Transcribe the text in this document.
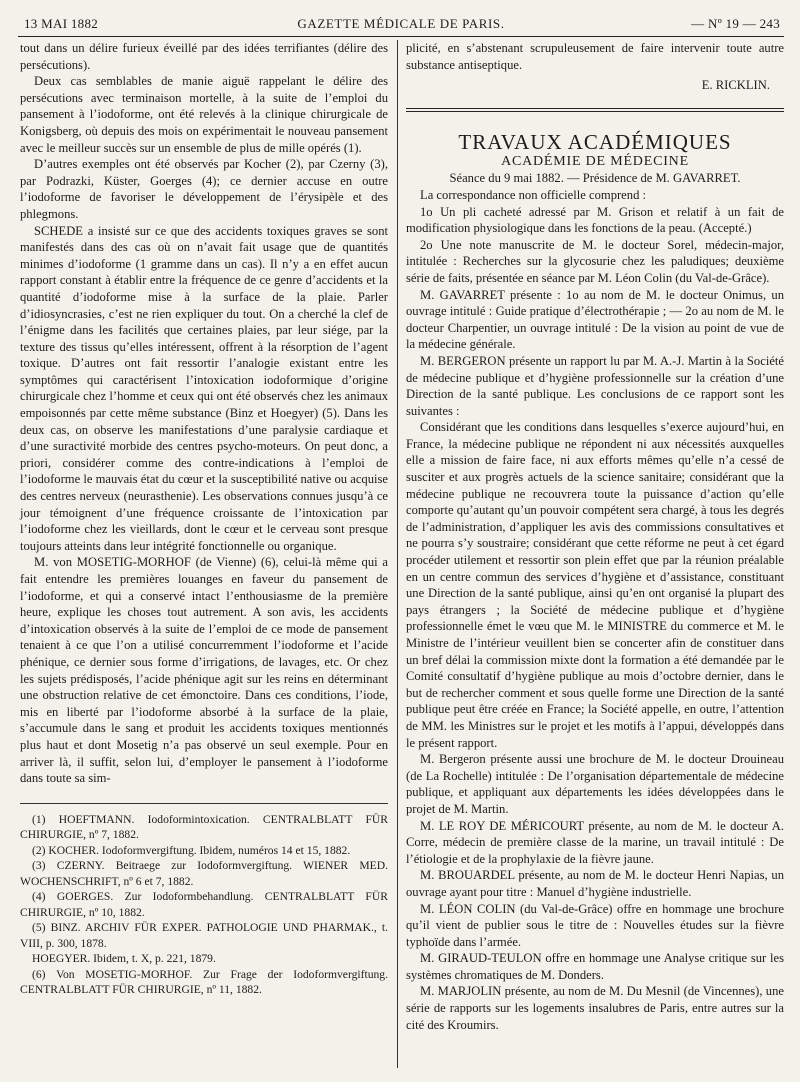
13 MAI 1882	GAZETTE MÉDICALE DE PARIS.	— Nº 19 — 243

tout dans un délire furieux éveillé par des idées terrifiantes (délire des persécutions).

Deux cas semblables de manie aiguë rappelant le délire des persécutions avec terminaison mortelle, à la suite de l’emploi du pansement à l’iodoforme, ont été relevés à la clinique chirurgicale de Konigsberg, où depuis des mois on expérimentait le nouveau pansement avec le meilleur succès sur un ensemble de plus de mille opérés (1).

D’autres exemples ont été observés par Kocher (2), par Czerny (3), par Podrazki, Küster, Goerges (4); ce dernier accuse en outre l’iodoforme de favoriser le développement de l’érysipèle et des phlegmons.

SCHEDE a insisté sur ce que des accidents toxiques graves se sont manifestés dans des cas où on n’avait fait usage que de quantités minimes d’iodoforme (1 gramme dans un cas). Il n’y a en effet aucun rapport constant à établir entre la fréquence de ce genre d’accidents et la quantité d’iodoforme mise à la surface de la plaie. Parler d’idiosyncrasies, c’est ne rien expliquer du tout. On a cherché la clef de l’énigme dans les facilités que certaines plaies, par leur siége, par la texture des tissus qu’elles intéressent, offrent à la résorption de l’agent toxique. D’autres ont fait ressortir l’analogie existant entre les symptômes qui caractérisent l’intoxication iodoformique d’origine chirurgicale chez l’homme et ceux qui ont été observés chez les animaux empoisonnés par cette même substance (Binz et Hoegyer) (5). Dans les deux cas, on observe les manifestations d’une paralysie cardiaque et d’une suractivité morbide des centres psycho-moteurs. On peut donc, a priori, considérer comme des contre-indications à l’emploi de l’iodoforme le mauvais état du cœur et la susceptibilité native ou acquise des centres nerveux (neurasthenie). Les observations connues jusqu’à ce jour témoignent d’une fréquence croissante de l’intoxication par l’iodoforme chez les vieillards, dont le cœur et le cerveau sont presque toujours atteints dans leur intégrité fonctionnelle ou organique.

M. von MOSETIG-MORHOF (de Vienne) (6), celui-là même qui a fait entendre les premières louanges en faveur du pansement de l’iodoforme, et qui a conservé intact l’enthousiasme de la première heure, explique les choses tout autrement. A son avis, les accidents d’intoxication observés à la suite de l’emploi de ce mode de pansement tenaient à ce que l’on a utilisé concurremment l’iodoforme et l’acide phénique, ce dernier sous forme d’irrigations, de lavages, etc. Or chez les sujets prédisposés, l’acide phénique agit sur les reins en déterminant une obstruction relative de cet émonctoire. Dans ces conditions, l’iode, mis en liberté par l’iodoforme absorbé à la surface de la plaie, s’accumule dans le sang et produit les accidents toxiques mentionnés plus haut et dont Mosetig n’a pas observé un seul exemple. Pour en arriver là, il suffit, selon lui, d’employer le pansement à l’iodoforme dans toute sa sim-

(1) HOEFTMANN. Iodoformintoxication. CENTRALBLATT FÜR CHIRURGIE, nº 7, 1882.

(2) KOCHER. Iodoformvergiftung. Ibidem, numéros 14 et 15, 1882.

(3) CZERNY. Beitraege zur Iodoformvergiftung. WIENER MED. WOCHENSCHRIFT, nº 6 et 7, 1882.

(4) GOERGES. Zur Iodoformbehandlung. CENTRALBLATT FÜR CHIRURGIE, nº 10, 1882.

(5) BINZ. ARCHIV FÜR EXPER. PATHOLOGIE UND PHARMAK., t. VIII, p. 300, 1878.

HOEGYER. Ibidem, t. X, p. 221, 1879.

(6) Von MOSETIG-MORHOF. Zur Frage der Iodoformvergiftung. CENTRALBLATT FÜR CHIRURGIE, nº 11, 1882.

plicité, en s’abstenant scrupuleusement de faire intervenir toute autre substance antiseptique.

E. RICKLIN.

TRAVAUX ACADÉMIQUES

ACADÉMIE DE MÉDECINE

Séance du 9 mai 1882. — Présidence de M. GAVARRET.

La correspondance non officielle comprend :

1o Un pli cacheté adressé par M. Grison et relatif à un fait de modification physiologique dans les fonctions de la peau. (Accepté.)

2o Une note manuscrite de M. le docteur Sorel, médecin-major, intitulée : Recherches sur la glycosurie chez les paludiques; deuxième série de faits, présentée en séance par M. Léon Colin (du Val-de-Grâce).

M. GAVARRET présente : 1o au nom de M. le docteur Onimus, un ouvrage intitulé : Guide pratique d’électrothérapie ; — 2o au nom de M. le docteur Charpentier, un ouvrage intitulé : De la vision au point de vue de la médecine générale.

M. BERGERON présente un rapport lu par M. A.-J. Martin à la Société de médecine publique et d’hygiène professionnelle sur la création d’une Direction de la santé publique. Les conclusions de ce rapport sont les suivantes :

Considérant que les conditions dans lesquelles s’exerce aujourd’hui, en France, la médecine publique ne répondent ni aux nécessités auxquelles elle a mission de faire face, ni aux efforts mêmes qu’elle n’a cessé de susciter et aux progrès actuels de la science sanitaire; considérant que la médecine publique ne recouvrera toute la puissance d’action qu’elle comporte qu’autant qu’un pouvoir compétent sera chargé, à tous les degrés de l’administration, d’appliquer les avis des commissions consultatives et ne pourra s’y soustraire; considérant que cette réforme ne peut à cet égard procéder utilement et ressortir son plein effet que par la réunion préalable en un centre commun des services d’hygiène et d’assistance, constituant une Direction de la santé publique, ainsi qu’en ont organisé la plupart des pays étrangers ; la Société de médecine publique et d’hygiène professionnelle émet le vœu que M. le MINISTRE du commerce et M. le Ministre de l’intérieur veuillent bien se concerter afin de constituer dans un bref délai la commission mixte dont la formation a été demandée par le Comité consultatif d’hygiène publique au mois d’octobre dernier, dans le but de rechercher comment et sous quelle forme une Direction de la santé publique peut être créée en France; la Société appelle, en outre, l’attention de MM. les Ministres sur le projet et les motifs à l’appui, développés dans le présent rapport.

M. Bergeron présente aussi une brochure de M. le docteur Drouineau (de La Rochelle) intitulée : De l’organisation départementale de médecine publique, et appliquant aux départements les idées développées dans le projet de M. Martin.

M. LE ROY DE MÉRICOURT présente, au nom de M. le docteur A. Corre, médecin de première classe de la marine, un travail intitulé : De l’étiologie et de la prophylaxie de la fièvre jaune.

M. BROUARDEL présente, au nom de M. le docteur Henri Napias, un ouvrage ayant pour titre : Manuel d’hygiène industrielle.

M. LÉON COLIN (du Val-de-Grâce) offre en hommage une brochure qu’il vient de publier sous le titre de : Nouvelles études sur la fièvre typhoïde dans l’armée.

M. GIRAUD-TEULON offre en hommage une Analyse critique sur les systèmes chromatiques de M. Donders.

M. MARJOLIN présente, au nom de M. Du Mesnil (de Vincennes), une série de rapports sur les logements insalubres de Paris, entre autres sur la cité des Kroumirs.
